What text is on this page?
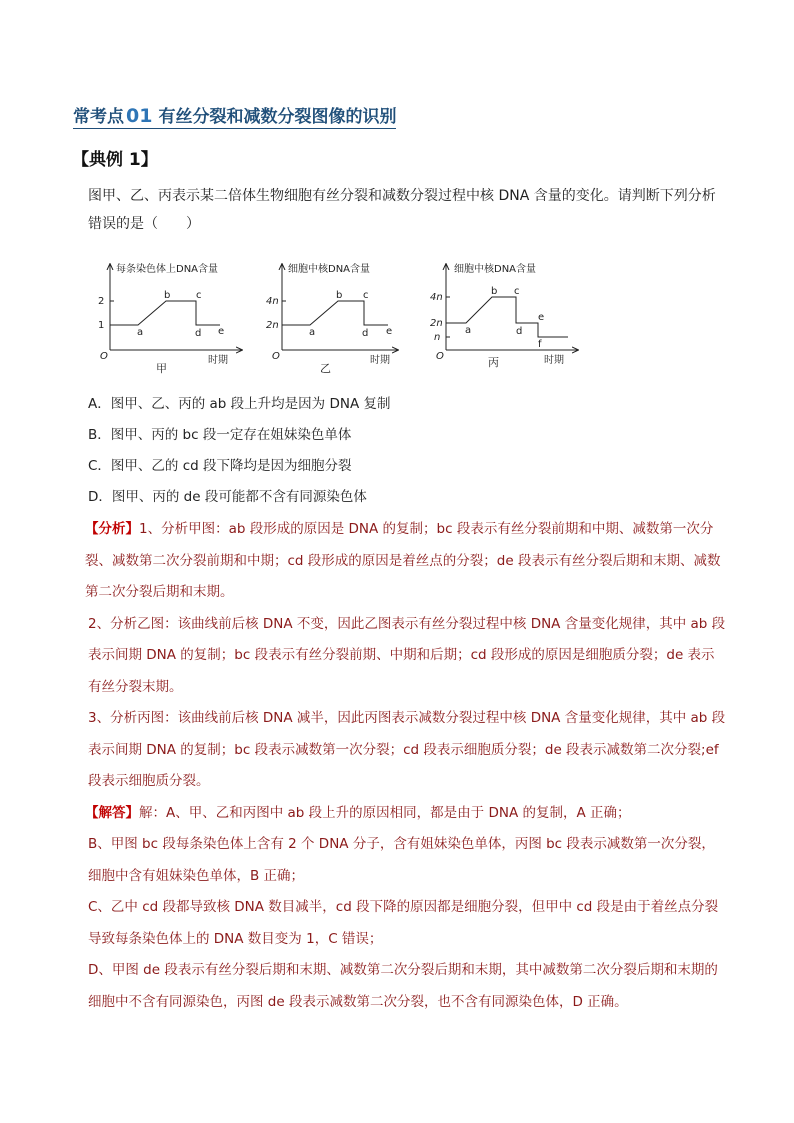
常考点 01 有丝分裂和减数分裂图像的识别
【典例 1】

图甲、乙、丙表示某二倍体生物细胞有丝分裂和减数分裂过程中核 DNA 含量的变化。请判断下列分析错误的是（　　）

每条染色体上DNA含量
时期
O
2
1
a
b	c
d e
甲
细胞中核DNA含量
时期
O
4n
2n
a
b c
d e
乙
细胞中核DNA含量
时期
O
4n
2n
n
a
b c
d
e
f
丙
A．图甲、乙、丙的 ab 段上升均是因为 DNA 复制
B．图甲、丙的 bc 段一定存在姐妹染色单体
C．图甲、乙的 cd 段下降均是因为细胞分裂
D．图甲、丙的 de 段可能都不含有同源染色体

【分析】1、分析甲图：ab 段形成的原因是 DNA 的复制；bc 段表示有丝分裂前期和中期、减数第一次分裂、减数第二次分裂前期和中期；cd 段形成的原因是着丝点的分裂；de 段表示有丝分裂后期和末期、减数第二次分裂后期和末期。

2、分析乙图：该曲线前后核 DNA 不变，因此乙图表示有丝分裂过程中核 DNA 含量变化规律，其中 ab 段表示间期 DNA 的复制；bc 段表示有丝分裂前期、中期和后期；cd 段形成的原因是细胞质分裂；de 表示有丝分裂末期。

3、分析丙图：该曲线前后核 DNA 减半，因此丙图表示减数分裂过程中核 DNA 含量变化规律，其中 ab 段表示间期 DNA 的复制；bc 段表示减数第一次分裂；cd 段表示细胞质分裂；de 段表示减数第二次分裂;ef 段表示细胞质分裂。

【解答】解：A、甲、乙和丙图中 ab 段上升的原因相同，都是由于 DNA 的复制，A 正确；

B、甲图 bc 段每条染色体上含有 2 个 DNA 分子，含有姐妹染色单体，丙图 bc 段表示减数第一次分裂，细胞中含有姐妹染色单体，B 正确；

C、乙中 cd 段都导致核 DNA 数目减半，cd 段下降的原因都是细胞分裂，但甲中 cd 段是由于着丝点分裂导致每条染色体上的 DNA 数目变为 1，C 错误；

D、甲图 de 段表示有丝分裂后期和末期、减数第二次分裂后期和末期，其中减数第二次分裂后期和末期的细胞中不含有同源染色，丙图 de 段表示减数第二次分裂，也不含有同源染色体，D 正确。
